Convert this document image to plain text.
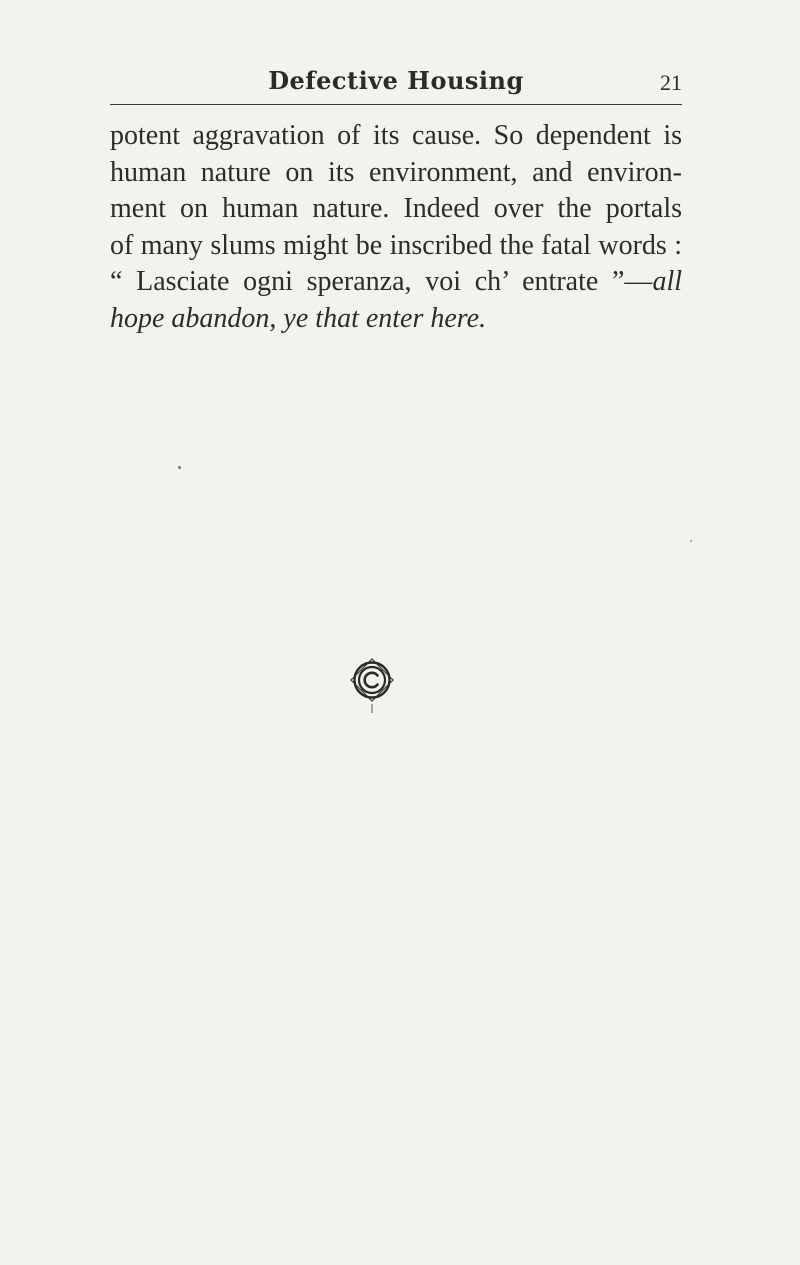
Defective Housing	21
potent aggravation of its cause. So dependent is
human nature on its environment, and environ-
ment on human nature. Indeed over the portals
of many slums might be inscribed the fatal words :
“ Lasciate ogni speranza, voi ch’ entrate ”—all
hope abandon, ye that enter here.
